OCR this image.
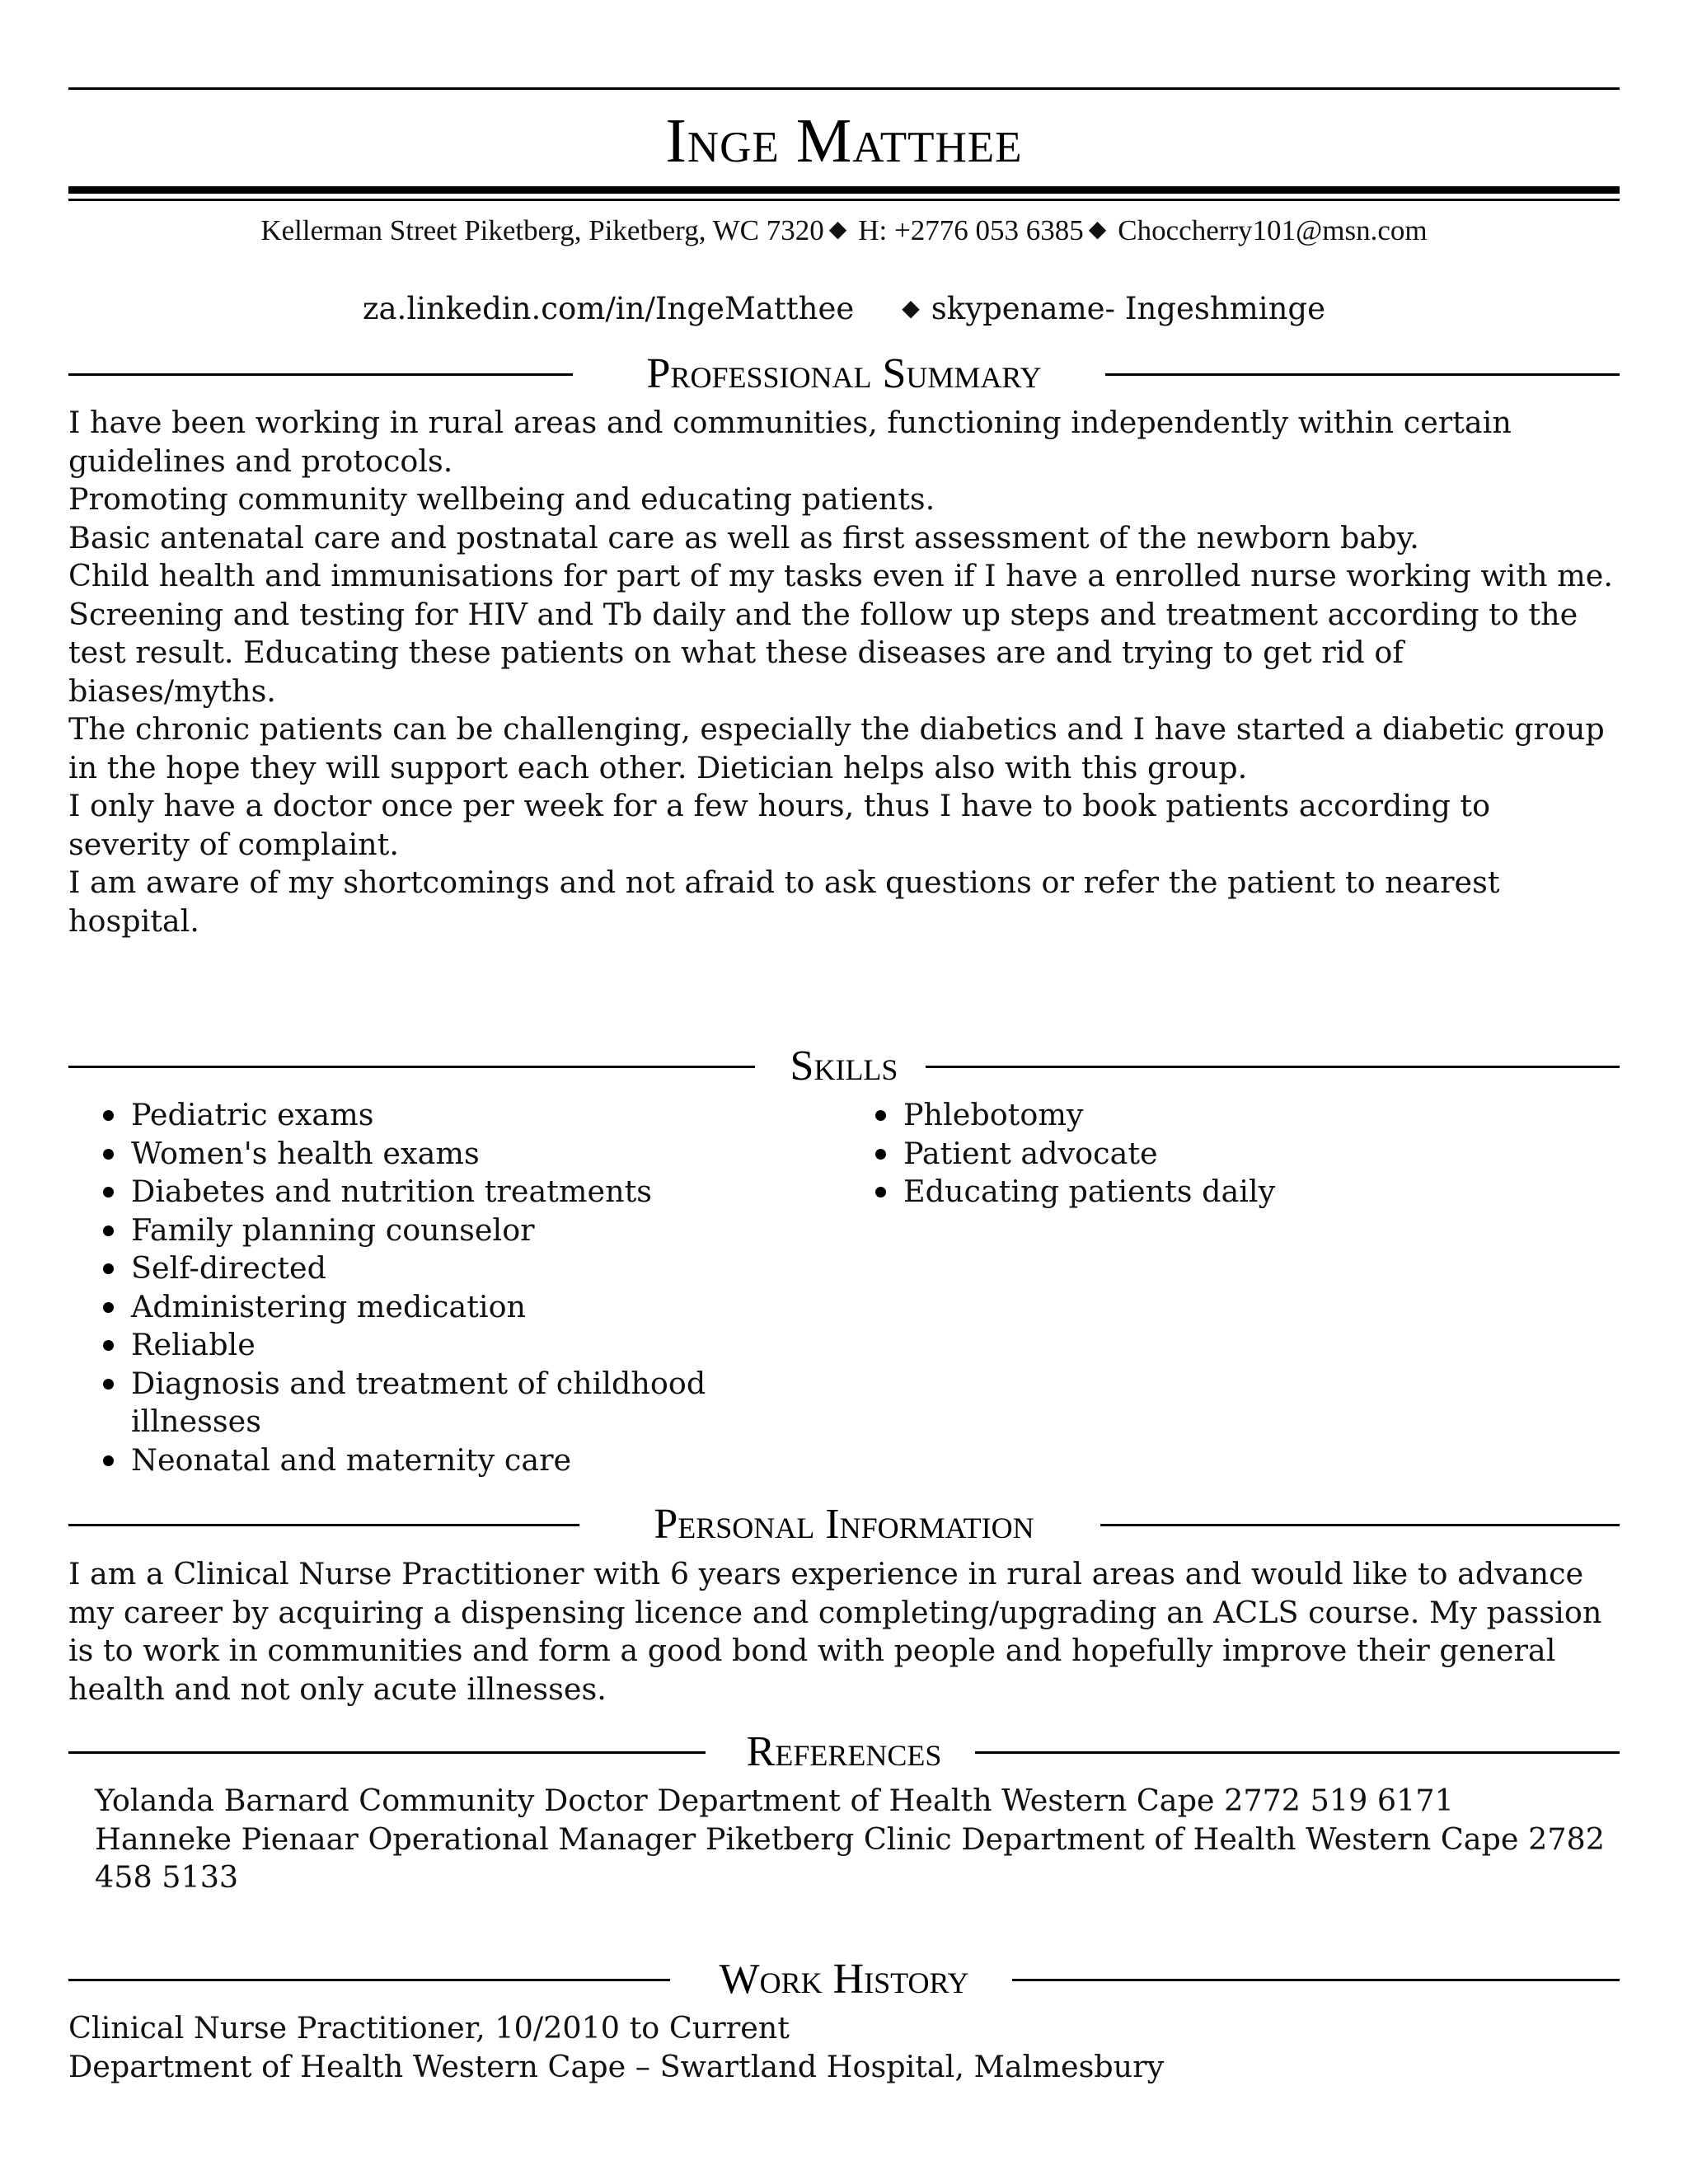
Inge Matthee
Kellerman Street Piketberg, Piketberg, WC 7320 ◆ H: +2776 053 6385 ◆ Choccherry101@msn.com
za.linkedin.com/in/IngeMatthee ◆ skypename- Ingeshminge
Professional Summary

I have been working in rural areas and communities, functioning independently within certain guidelines and protocols.

Promoting community wellbeing and educating patients.

Basic antenatal care and postnatal care as well as first assessment of the newborn baby.

Child health and immunisations for part of my tasks even if I have a enrolled nurse working with me.

Screening and testing for HIV and Tb daily and the follow up steps and treatment according to the test result. Educating these patients on what these diseases are and trying to get rid of biases/myths.

The chronic patients can be challenging, especially the diabetics and I have started a diabetic group in the hope they will support each other. Dietician helps also with this group.

I only have a doctor once per week for a few hours, thus I have to book patients according to severity of complaint.

I am aware of my shortcomings and not afraid to ask questions or refer the patient to nearest hospital.

Skills
Pediatric exams
Women's health exams
Diabetes and nutrition treatments
Family planning counselor
Self-directed
Administering medication
Reliable
Diagnosis and treatment of childhood illnesses
Neonatal and maternity care
Phlebotomy
Patient advocate
Educating patients daily
Personal Information

I am a Clinical Nurse Practitioner with 6 years experience in rural areas and would like to advance my career by acquiring a dispensing licence and completing/upgrading an ACLS course. My passion is to work in communities and form a good bond with people and hopefully improve their general health and not only acute illnesses.

References

Yolanda Barnard Community Doctor Department of Health Western Cape 2772 519 6171

Hanneke Pienaar Operational Manager Piketberg Clinic Department of Health Western Cape 2782 458 5133

Work History

Clinical Nurse Practitioner, 10/2010 to Current

Department of Health Western Cape – Swartland Hospital, Malmesbury
